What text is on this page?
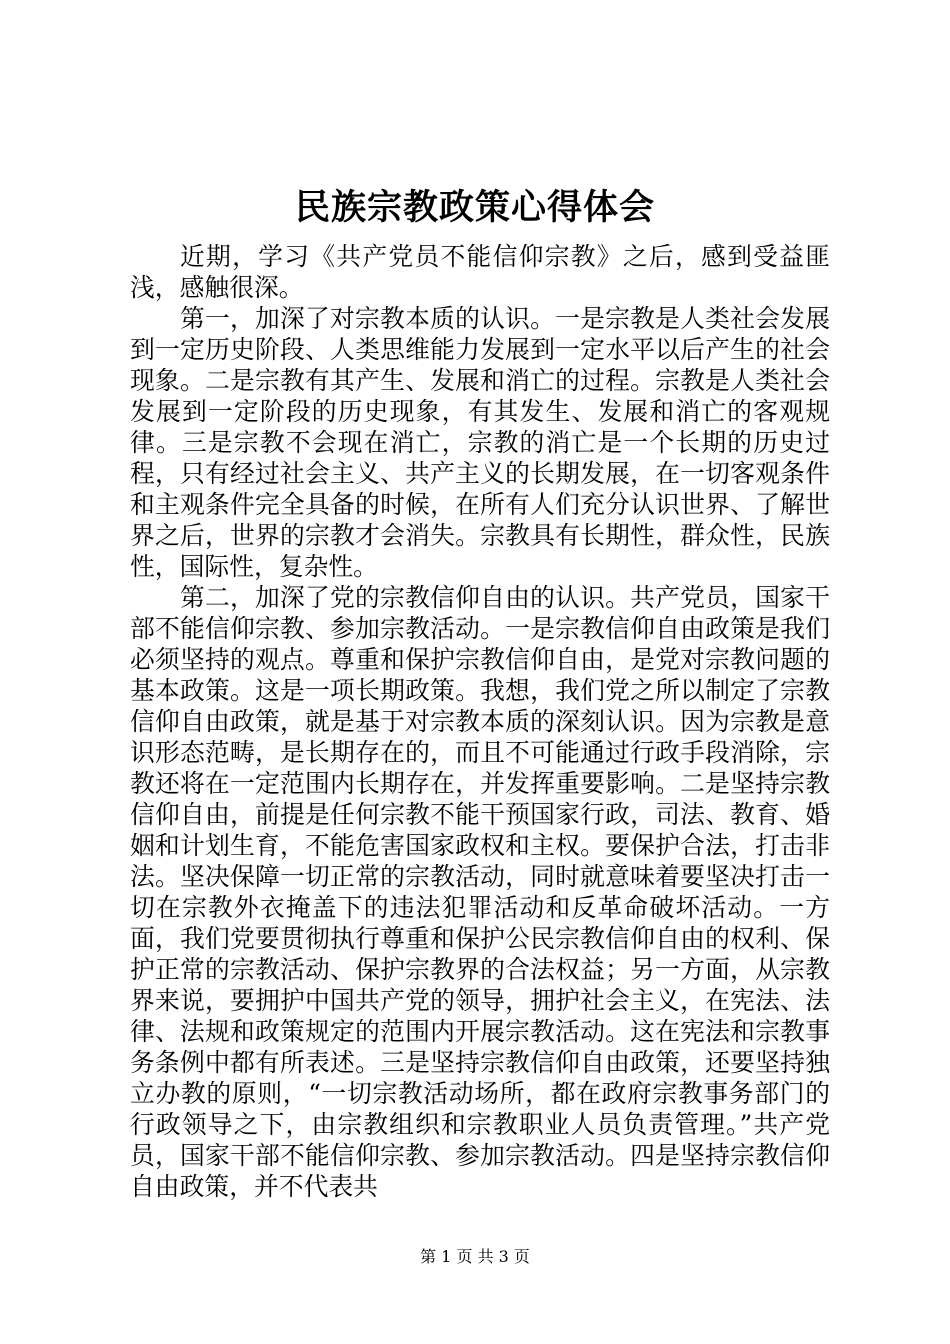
民族宗教政策心得体会

近期，学习《共产党员不能信仰宗教》之后，感到受益匪浅，感触很深。

第一，加深了对宗教本质的认识。一是宗教是人类社会发展到一定历史阶段、人类思维能力发展到一定水平以后产生的社会现象。二是宗教有其产生、发展和消亡的过程。宗教是人类社会发展到一定阶段的历史现象，有其发生、发展和消亡的客观规律。三是宗教不会现在消亡，宗教的消亡是一个长期的历史过程，只有经过社会主义、共产主义的长期发展，在一切客观条件和主观条件完全具备的时候，在所有人们充分认识世界、了解世界之后，世界的宗教才会消失。宗教具有长期性，群众性，民族性，国际性，复杂性。

第二，加深了党的宗教信仰自由的认识。共产党员，国家干部不能信仰宗教、参加宗教活动。一是宗教信仰自由政策是我们必须坚持的观点。尊重和保护宗教信仰自由，是党对宗教问题的基本政策。这是一项长期政策。我想，我们党之所以制定了宗教信仰自由政策，就是基于对宗教本质的深刻认识。因为宗教是意识形态范畴，是长期存在的，而且不可能通过行政手段消除，宗教还将在一定范围内长期存在，并发挥重要影响。二是坚持宗教信仰自由，前提是任何宗教不能干预国家行政，司法、教育、婚姻和计划生育，不能危害国家政权和主权。要保护合法，打击非法。坚决保障一切正常的宗教活动，同时就意味着要坚决打击一切在宗教外衣掩盖下的违法犯罪活动和反革命破坏活动。一方面，我们党要贯彻执行尊重和保护公民宗教信仰自由的权利、保护正常的宗教活动、保护宗教界的合法权益；另一方面，从宗教界来说，要拥护中国共产党的领导，拥护社会主义，在宪法、法律、法规和政策规定的范围内开展宗教活动。这在宪法和宗教事务条例中都有所表述。三是坚持宗教信仰自由政策，还要坚持独立办教的原则，“一切宗教活动场所，都在政府宗教事务部门的行政领导之下，由宗教组织和宗教职业人员负责管理。”共产党员，国家干部不能信仰宗教、参加宗教活动。四是坚持宗教信仰自由政策，并不代表共

第 1 页 共 3 页
